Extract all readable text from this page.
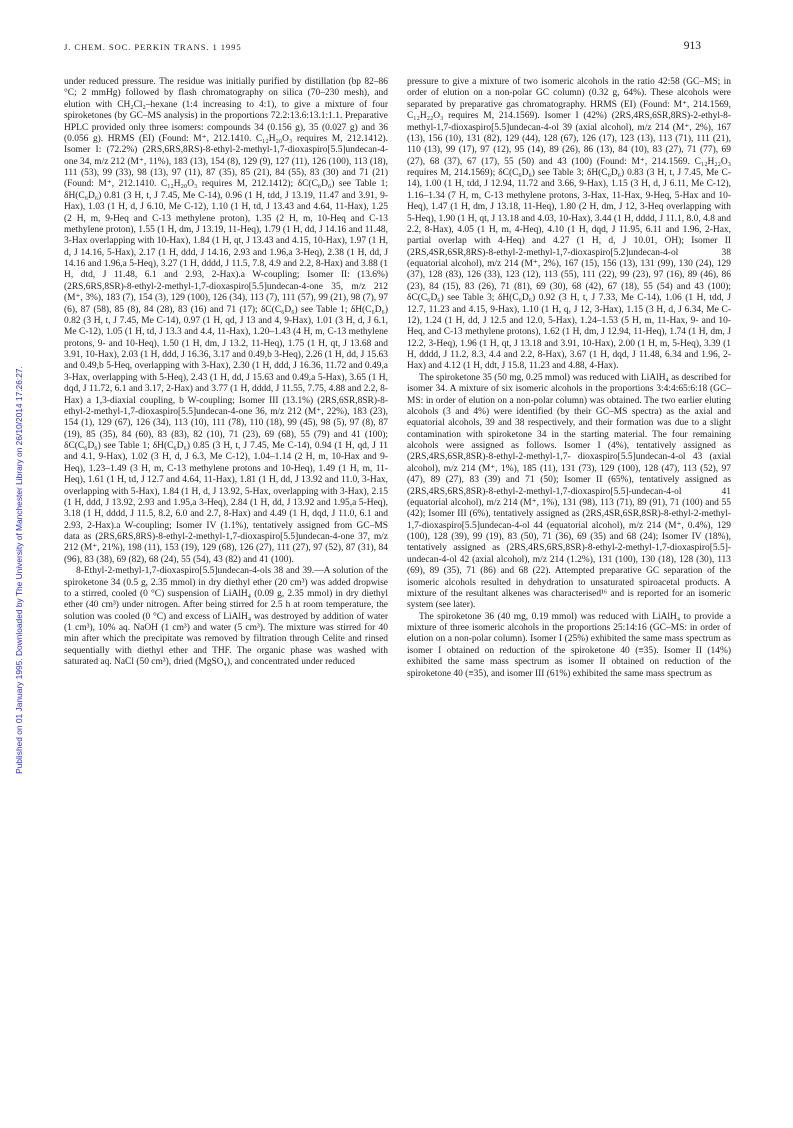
J. CHEM. SOC. PERKIN TRANS. 1 1995	913
Published on 01 January 1995. Downloaded by The University of Manchester Library on 26/10/2014 17:26:27.

under reduced pressure. The residue was initially purified by distillation (bp 82–86 °C; 2 mmHg) followed by flash chromatography on silica (70–230 mesh), and elution with CH₂Cl₂–hexane (1:4 increasing to 4:1), to give a mixture of four spiroketones (by GC–MS analysis) in the proportions 72.2:13.6:13.1:1.1. Preparative HPLC provided only three isomers: compounds 34 (0.156 g), 35 (0.027 g) and 36 (0.056 g). HRMS (EI) (Found: M⁺, 212.1410. C₁₂H₂₀O₃ requires M, 212.1412). Isomer I: (72.2%) (2RS,6RS,8RS)-8-ethyl-2-methyl-1,7-dioxaspiro[5.5]undecan-4-one 34, m/z 212 (M⁺, 11%), 183 (13), 154 (8), 129 (9), 127 (11), 126 (100), 113 (18), 111 (53), 99 (33), 98 (13), 97 (11), 87 (35), 85 (21), 84 (55), 83 (30) and 71 (21) (Found: M⁺, 212.1410. C₁₂H₂₀O₃ requires M, 212.1412); δC(C₆D₆) see Table 1; δH(C₆D₆) 0.81 (3 H, t, J 7.45, Me C-14), 0.96 (1 H, tdd, J 13.19, 11.47 and 3.91, 9-Hax), 1.03 (1 H, d, J 6.10, Me C-12), 1.10 (1 H, td, J 13.43 and 4.64, 11-Hax), 1.25 (2 H, m, 9-Heq and C-13 methylene proton), 1.35 (2 H, m, 10-Heq and C-13 methylene proton), 1.55 (1 H, dm, J 13.19, 11-Heq), 1.79 (1 H, dd, J 14.16 and 11.48, 3-Hax overlapping with 10-Hax), 1.84 (1 H, qt, J 13.43 and 4.15, 10-Hax), 1.97 (1 H, d, J 14.16, 5-Hax), 2.17 (1 H, ddd, J 14.16, 2.93 and 1.96,a 3-Heq), 2.38 (1 H, dd, J 14.16 and 1.96,a 5-Heq), 3.27 (1 H, dddd, J 11.5, 7.8, 4.9 and 2.2, 8-Hax) and 3.88 (1 H, dtd, J 11.48, 6.1 and 2.93, 2-Hax).a W-coupling; Isomer II: (13.6%) (2RS,6RS,8SR)-8-ethyl-2-methyl-1,7-dioxaspiro[5.5]undecan-4-one 35, m/z 212 (M⁺, 3%), 183 (7), 154 (3), 129 (100), 126 (34), 113 (7), 111 (57), 99 (21), 98 (7), 97 (6), 87 (58), 85 (8), 84 (28), 83 (16) and 71 (17); δC(C₆D₆) see Table 1; δH(C₆D₆) 0.82 (3 H, t, J 7.45, Me C-14), 0.97 (1 H, qd, J 13 and 4, 9-Hax), 1.01 (3 H, d, J 6.1, Me C-12), 1.05 (1 H, td, J 13.3 and 4.4, 11-Hax), 1.20–1.43 (4 H, m, C-13 methylene protons, 9- and 10-Heq), 1.50 (1 H, dm, J 13.2, 11-Heq), 1.75 (1 H, qt, J 13.68 and 3.91, 10-Hax), 2.03 (1 H, ddd, J 16.36, 3.17 and 0.49,b 3-Heq), 2.26 (1 H, dd, J 15.63 and 0.49,b 5-Heq, overlapping with 3-Hax), 2.30 (1 H, ddd, J 16.36, 11.72 and 0.49,a 3-Hax, overlapping with 5-Heq), 2.43 (1 H, dd, J 15.63 and 0.49,a 5-Hax), 3.65 (1 H, dqd, J 11.72, 6.1 and 3.17, 2-Hax) and 3.77 (1 H, dddd, J 11.55, 7.75, 4.88 and 2.2, 8-Hax) a 1,3-diaxial coupling, b W-coupling; Isomer III (13.1%) (2RS,6SR,8SR)-8-ethyl-2-methyl-1,7-dioxaspiro[5.5]undecan-4-one 36, m/z 212 (M⁺, 22%), 183 (23), 154 (1), 129 (67), 126 (34), 113 (10), 111 (78), 110 (18), 99 (45), 98 (5), 97 (8), 87 (19), 85 (35), 84 (60), 83 (83), 82 (10), 71 (23), 69 (68), 55 (79) and 41 (100); δC(C₆D₆) see Table 1; δH(C₆D₆) 0.85 (3 H, t, J 7.45, Me C-14), 0.94 (1 H, qd, J 11 and 4.1, 9-Hax), 1.02 (3 H, d, J 6.3, Me C-12), 1.04–1.14 (2 H, m, 10-Hax and 9-Heq), 1.23–1.49 (3 H, m, C-13 methylene protons and 10-Heq), 1.49 (1 H, m, 11-Heq), 1.61 (1 H, td, J 12.7 and 4.64, 11-Hax), 1.81 (1 H, dd, J 13.92 and 11.0, 3-Hax, overlapping with 5-Hax), 1.84 (1 H, d, J 13.92, 5-Hax, overlapping with 3-Hax), 2.15 (1 H, ddd, J 13.92, 2.93 and 1.95,a 3-Heq), 2.84 (1 H, dd, J 13.92 and 1.95,a 5-Heq), 3.18 (1 H, dddd, J 11.5, 8.2, 6.0 and 2.7, 8-Hax) and 4.49 (1 H, dqd, J 11.0, 6.1 and 2.93, 2-Hax).a W-coupling; Isomer IV (1.1%), tentatively assigned from GC–MS data as (2RS,6RS,8RS)-8-ethyl-2-methyl-1,7-dioxaspiro[5.5]undecan-4-one 37, m/z 212 (M⁺, 21%), 198 (11), 153 (19), 129 (68), 126 (27), 111 (27), 97 (52), 87 (31), 84 (96), 83 (38), 69 (82), 68 (24), 55 (54), 43 (82) and 41 (100).

8-Ethyl-2-methyl-1,7-dioxaspiro[5.5]undecan-4-ols 38 and 39.—A solution of the spiroketone 34 (0.5 g, 2.35 mmol) in dry diethyl ether (20 cm³) was added dropwise to a stirred, cooled (0 °C) suspension of LiAlH₄ (0.09 g, 2.35 mmol) in dry diethyl ether (40 cm³) under nitrogen. After being stirred for 2.5 h at room temperature, the solution was cooled (0 °C) and excess of LiAlH₄ was destroyed by addition of water (1 cm³), 10% aq. NaOH (1 cm³) and water (5 cm³). The mixture was stirred for 40 min after which the precipitate was removed by filtration through Celite and rinsed sequentially with diethyl ether and THF. The organic phase was washed with saturated aq. NaCl (50 cm³), dried (MgSO₄), and concentrated under reduced

pressure to give a mixture of two isomeric alcohols in the ratio 42:58 (GC–MS; in order of elution on a non-polar GC column) (0.32 g, 64%). These alcohols were separated by preparative gas chromatography. HRMS (EI) (Found: M⁺, 214.1569, C₁₂H₂₂O₃ requires M, 214.1569). Isomer I (42%) (2RS,4RS,6SR,8RS)-2-ethyl-8-methyl-1,7-dioxaspiro[5.5]undecan-4-ol 39 (axial alcohol), m/z 214 (M⁺, 2%), 167 (13), 156 (10), 131 (82), 129 (44), 128 (67), 126 (17), 123 (13), 113 (71), 111 (21), 110 (13), 99 (17), 97 (12), 95 (14), 89 (26), 86 (13), 84 (10), 83 (27), 71 (77), 69 (27), 68 (37), 67 (17), 55 (50) and 43 (100) (Found: M⁺, 214.1569. C₁₂H₂₂O₃ requires M, 214.1569); δC(C₆D₆) see Table 3; δH(C₆D₆) 0.83 (3 H, t, J 7.45, Me C-14), 1.00 (1 H, tdd, J 12.94, 11.72 and 3.66, 9-Hax), 1.15 (3 H, d, J 6.11, Me C-12), 1.16–1.34 (7 H, m, C-13 methylene protons, 3-Hax, 11-Hax, 9-Heq, 5-Hax and 10-Heq), 1.47 (1 H, dm, J 13.18, 11-Heq), 1.80 (2 H, dm, J 12, 3-Heq overlapping with 5-Heq), 1.90 (1 H, qt, J 13.18 and 4.03, 10-Hax), 3.44 (1 H, dddd, J 11.1, 8.0, 4.8 and 2.2, 8-Hax), 4.05 (1 H, m, 4-Heq), 4.10 (1 H, dqd, J 11.95, 6.11 and 1.96, 2-Hax, partial overlap with 4-Heq) and 4.27 (1 H, d, J 10.01, OH); Isomer II (2RS,4SR,6SR,8RS)-8-ethyl-2-methyl-1,7-dioxaspiro[5.2]undecan-4-ol 38 (equatorial alcohol), m/z 214 (M⁺, 2%), 167 (15), 156 (13), 131 (99), 130 (24), 129 (37), 128 (83), 126 (33), 123 (12), 113 (55), 111 (22), 99 (23), 97 (16), 89 (46), 86 (23), 84 (15), 83 (26), 71 (81), 69 (30), 68 (42), 67 (18), 55 (54) and 43 (100); δC(C₆D₆) see Table 3; δH(C₆D₆) 0.92 (3 H, t, J 7.33, Me C-14), 1.06 (1 H, tdd, J 12.7, 11.23 and 4.15, 9-Hax), 1.10 (1 H, q, J 12, 3-Hax), 1.15 (3 H, d, J 6.34, Me C-12), 1.24 (1 H, dd, J 12.5 and 12.0, 5-Hax), 1.24–1.53 (5 H, m, 11-Hax, 9- and 10-Heq, and C-13 methylene protons), 1.62 (1 H, dm, J 12.94, 11-Heq), 1.74 (1 H, dm, J 12.2, 3-Heq), 1.96 (1 H, qt, J 13.18 and 3.91, 10-Hax), 2.00 (1 H, m, 5-Heq), 3.39 (1 H, dddd, J 11.2, 8.3, 4.4 and 2.2, 8-Hax), 3.67 (1 H, dqd, J 11.48, 6.34 and 1.96, 2-Hax) and 4.12 (1 H, ddt, J 15.8, 11.23 and 4.88, 4-Hax).

The spiroketone 35 (50 mg, 0.25 mmol) was reduced with LiAlH₄ as described for isomer 34. A mixture of six isomeric alcohols in the proportions 3:4:4:65:6:18 (GC–MS: in order of elution on a non-polar column) was obtained. The two earlier eluting alcohols (3 and 4%) were identified (by their GC–MS spectra) as the axial and equatorial alcohols, 39 and 38 respectively, and their formation was due to a slight contamination with spiroketone 34 in the starting material. The four remaining alcohols were assigned as follows. Isomer I (4%), tentatively assigned as (2RS,4RS,6SR,8SR)-8-ethyl-2-methyl-1,7- dioxaspiro[5.5]undecan-4-ol 43 (axial alcohol), m/z 214 (M⁺, 1%), 185 (11), 131 (73), 129 (100), 128 (47), 113 (52), 97 (47), 89 (27), 83 (39) and 71 (50); Isomer II (65%), tentatively assigned as (2RS,4RS,6RS,8SR)-8-ethyl-2-methyl-1,7-dioxaspiro[5.5]-undecan-4-ol 41 (equatorial alcohol), m/z 214 (M⁺, 1%), 131 (98), 113 (71), 89 (91), 71 (100) and 55 (42); Isomer III (6%), tentatively assigned as (2RS,4SR,6SR,8SR)-8-ethyl-2-methyl-1,7-dioxaspiro[5.5]undecan-4-ol 44 (equatorial alcohol), m/z 214 (M⁺, 0.4%), 129 (100), 128 (39), 99 (19), 83 (50), 71 (36), 69 (35) and 68 (24); Isomer IV (18%), tentatively assigned as (2RS,4RS,6RS,8SR)-8-ethyl-2-methyl-1,7-dioxaspiro[5.5]-undecan-4-ol 42 (axial alcohol), m/z 214 (1.2%), 131 (100), 130 (18), 128 (30), 113 (69), 89 (35), 71 (86) and 68 (22). Attempted preparative GC separation of the isomeric alcohols resulted in dehydration to unsaturated spiroacetal products. A mixture of the resultant alkenes was characterised¹⁶ and is reported for an isomeric system (see later).

The spiroketone 36 (40 mg, 0.19 mmol) was reduced with LiAlH₄ to provide a mixture of three isomeric alcohols in the proportions 25:14:16 (GC–MS: in order of elution on a non-polar column). Isomer I (25%) exhibited the same mass spectrum as isomer I obtained on reduction of the spiroketone 40 (≡35). Isomer II (14%) exhibited the same mass spectrum as isomer II obtained on reduction of the spiroketone 40 (≡35), and isomer III (61%) exhibited the same mass spectrum as
